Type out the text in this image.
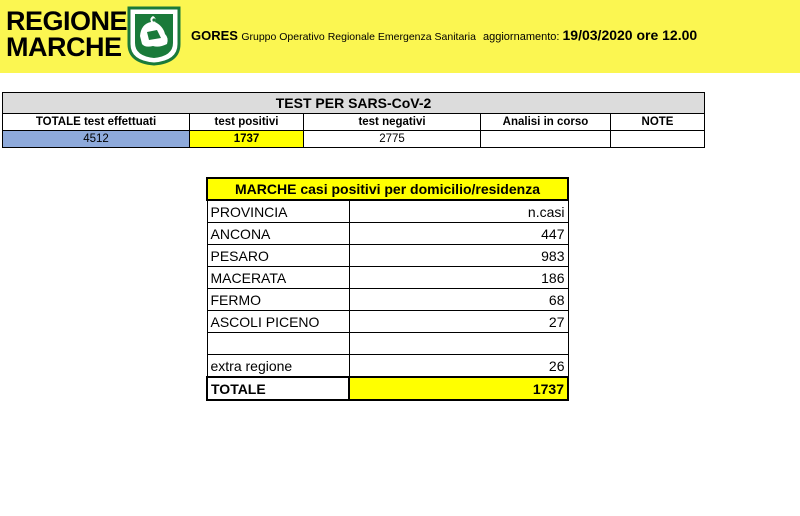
REGIONE
MARCHE	GORES Gruppo Operativo Regionale Emergenza Sanitaria aggiornamento: 19/03/2020 ore 12.00
TEST PER SARS-CoV-2				
TOTALE test effettuati	test positivi	test negativi	Analisi in corso	NOTE
4512	1737	2775		
MARCHE casi positivi per domicilio/residenza	
PROVINCIA	n.casi
ANCONA	447
PESARO	983
MACERATA	186
FERMO	68
ASCOLI PICENO	27

extra regione	26
TOTALE	1737
